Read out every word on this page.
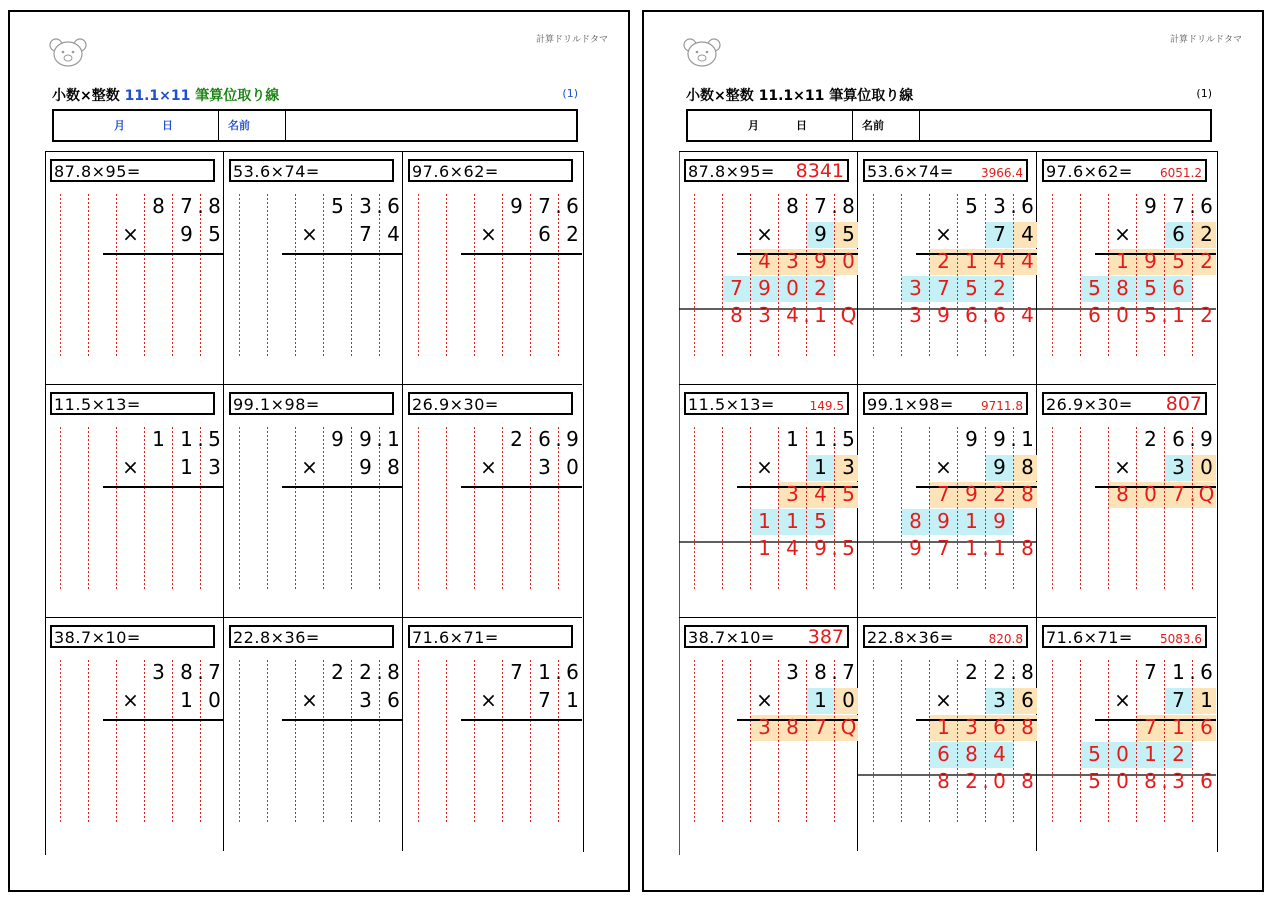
計算ドリルドタマ
小数×整数 11.1×11 筆算位取り線	(1)
月	日	名前
87.8×95=
8 7 . 8
× 9 5
53.6×74=
5 3 . 6
× 7 4
97.6×62=
9 7 . 6
× 6 2
11.5×13=
1 1 . 5
× 1 3
99.1×98=
9 9 . 1
× 9 8
26.9×30=
2 6 . 9
× 3 0
38.7×10=
3 8 . 7
× 1 0
22.8×36=
2 2 . 8
× 3 6
71.6×71=
7 1 . 6
× 7 1
計算ドリルドタマ
小数×整数 11.1×11 筆算位取り線	(1)
月	日	名前
87.8×95= 8341
8 7 . 8
× 9 5
4 3 9 0
7 9 0 2
8 3 4 . 1 Q
53.6×74= 3966.4
5 3 . 6
× 7 4
2 1 4 4
3 7 5 2
3 9 6 . 6 4
97.6×62= 6051.2
9 7 . 6
× 6 2
1 9 5 2
5 8 5 6
6 0 5 . 1 2
11.5×13=	149.5
1 1 . 5
× 1 3
3 4 5
1 1 5
1 4 9 . 5
99.1×98= 9711.8
9 9 . 1
× 9 8
7 9 2 8
8 9 1 9
9 7 1 . 1 8
26.9×30= 807
2 6 . 9
× 3 0
8 0 7 . Q
38.7×10= 387
3 8 . 7
× 1 0
3 8 7 . Q
22.8×36=	820.8
2 2 . 8
× 3 6
1 3 6 8
6 8 4
8 2 . 0 8
71.6×71= 5083.6
7 1 . 6
× 7 1
7 1 6
5 0 1 2
5 0 8 . 3 6
